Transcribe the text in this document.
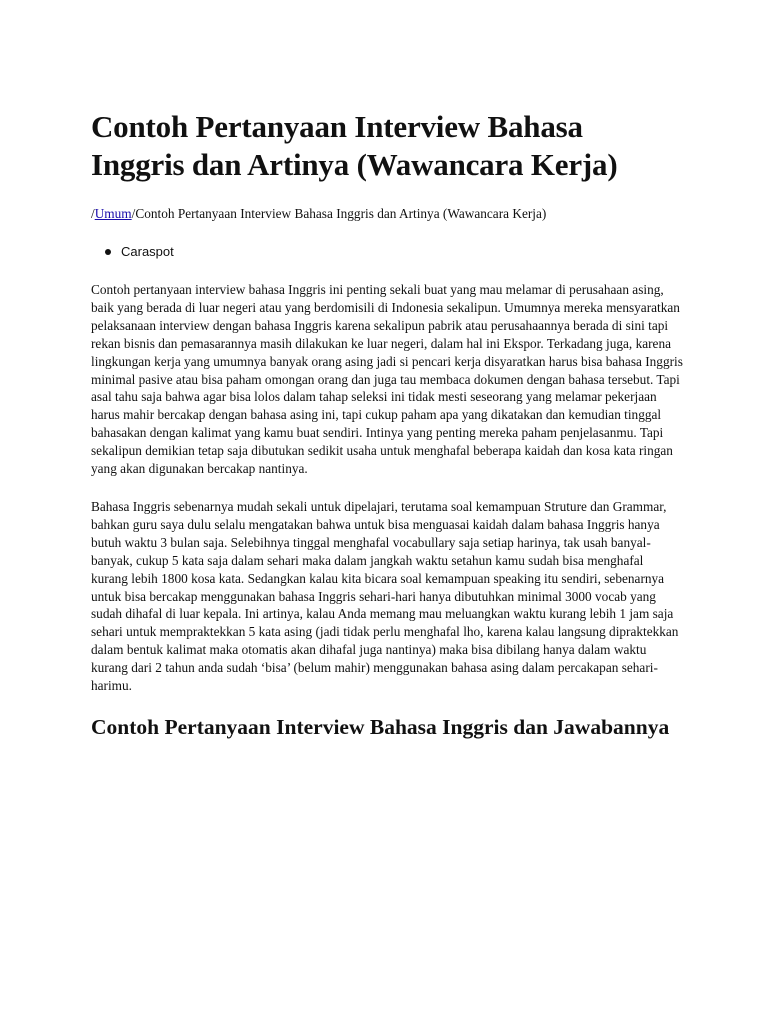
Contoh Pertanyaan Interview Bahasa Inggris dan Artinya (Wawancara Kerja)
/Umum/Contoh Pertanyaan Interview Bahasa Inggris dan Artinya (Wawancara Kerja)
Caraspot

Contoh pertanyaan interview bahasa Inggris ini penting sekali buat yang mau melamar di perusahaan asing, baik yang berada di luar negeri atau yang berdomisili di Indonesia sekalipun. Umumnya mereka mensyaratkan pelaksanaan interview dengan bahasa Inggris karena sekalipun pabrik atau perusahaannya berada di sini tapi rekan bisnis dan pemasarannya masih dilakukan ke luar negeri, dalam hal ini Ekspor. Terkadang juga, karena lingkungan kerja yang umumnya banyak orang asing jadi si pencari kerja disyaratkan harus bisa bahasa Inggris minimal pasive atau bisa paham omongan orang dan juga tau membaca dokumen dengan bahasa tersebut. Tapi asal tahu saja bahwa agar bisa lolos dalam tahap seleksi ini tidak mesti seseorang yang melamar pekerjaan harus mahir bercakap dengan bahasa asing ini, tapi cukup paham apa yang dikatakan dan kemudian tinggal bahasakan dengan kalimat yang kamu buat sendiri. Intinya yang penting mereka paham penjelasanmu. Tapi sekalipun demikian tetap saja dibutukan sedikit usaha untuk menghafal beberapa kaidah dan kosa kata ringan yang akan digunakan bercakap nantinya.

Bahasa Inggris sebenarnya mudah sekali untuk dipelajari, terutama soal kemampuan Struture dan Grammar, bahkan guru saya dulu selalu mengatakan bahwa untuk bisa menguasai kaidah dalam bahasa Inggris hanya butuh waktu 3 bulan saja. Selebihnya tinggal menghafal vocabullary saja setiap harinya, tak usah banyal-banyak, cukup 5 kata saja dalam sehari maka dalam jangkah waktu setahun kamu sudah bisa menghafal kurang lebih 1800 kosa kata. Sedangkan kalau kita bicara soal kemampuan speaking itu sendiri, sebenarnya untuk bisa bercakap menggunakan bahasa Inggris sehari-hari hanya dibutuhkan minimal 3000 vocab yang sudah dihafal di luar kepala. Ini artinya, kalau Anda memang mau meluangkan waktu kurang lebih 1 jam saja sehari untuk mempraktekkan 5 kata asing (jadi tidak perlu menghafal lho, karena kalau langsung dipraktekkan dalam bentuk kalimat maka otomatis akan dihafal juga nantinya) maka bisa dibilang hanya dalam waktu kurang dari 2 tahun anda sudah ‘bisa’ (belum mahir) menggunakan bahasa asing dalam percakapan sehari-harimu.

Contoh Pertanyaan Interview Bahasa Inggris dan Jawabannya
